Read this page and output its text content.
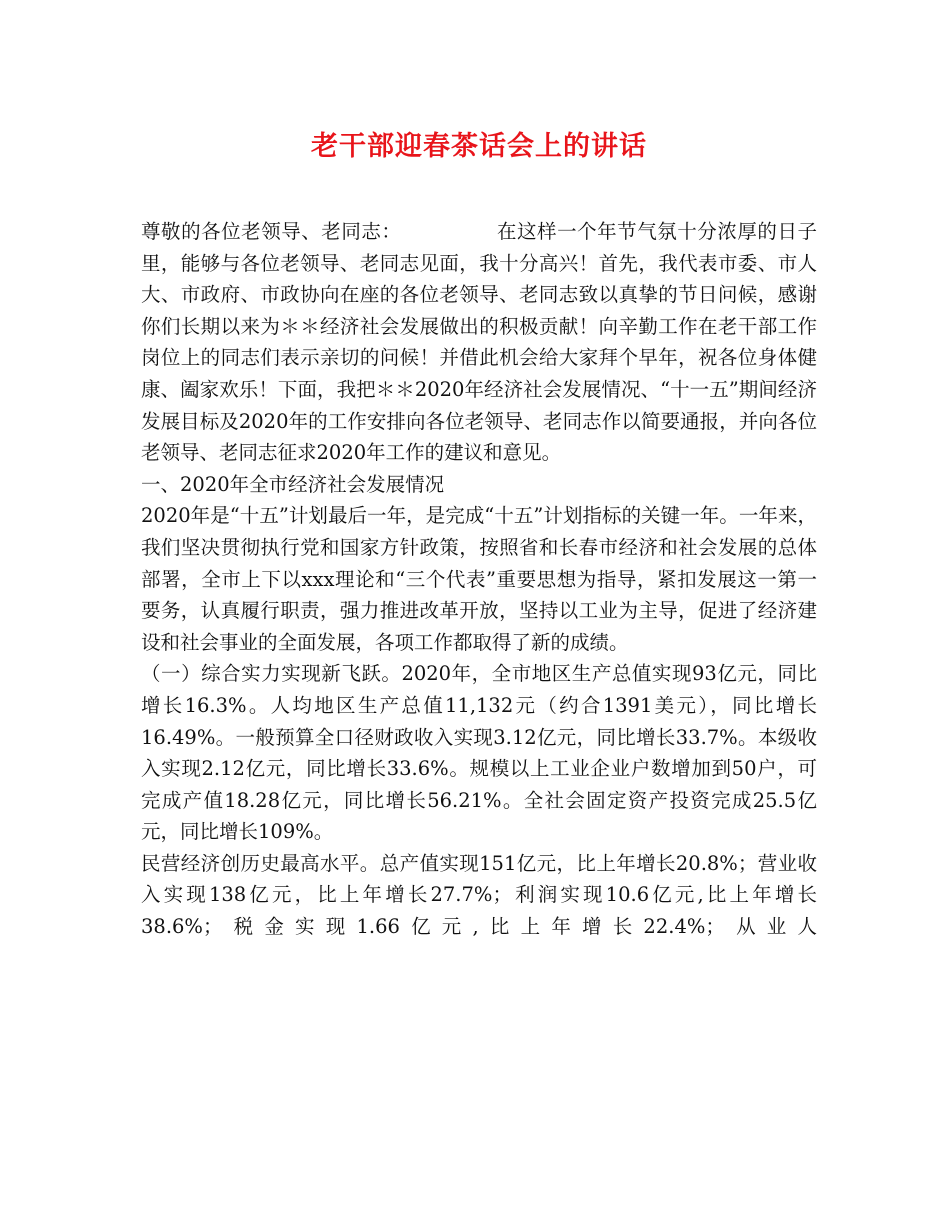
老干部迎春茶话会上的讲话

尊敬的各位老领导、老同志：	在这样一个年节气氛十分浓厚的日子里，能够与各位老领导、老同志见面，我十分高兴！首先，我代表市委、市人大、市政府、市政协向在座的各位老领导、老同志致以真挚的节日问候，感谢你们长期以来为＊＊经济社会发展做出的积极贡献！向辛勤工作在老干部工作岗位上的同志们表示亲切的问候！并借此机会给大家拜个早年，祝各位身体健康、阖家欢乐！下面，我把＊＊2020年经济社会发展情况、“十一五”期间经济发展目标及2020年的工作安排向各位老领导、老同志作以简要通报，并向各位老领导、老同志征求2020年工作的建议和意见。

一、2020年全市经济社会发展情况

2020年是“十五”计划最后一年，是完成“十五”计划指标的关键一年。一年来，我们坚决贯彻执行党和国家方针政策，按照省和长春市经济和社会发展的总体部署，全市上下以xxx理论和“三个代表”重要思想为指导，紧扣发展这一第一要务，认真履行职责，强力推进改革开放，坚持以工业为主导，促进了经济建设和社会事业的全面发展，各项工作都取得了新的成绩。

（一）综合实力实现新飞跃。2020年，全市地区生产总值实现93亿元，同比增长16.3%。人均地区生产总值11,132元（约合1391美元），同比增长16.49%。一般预算全口径财政收入实现3.12亿元，同比增长33.7%。本级收入实现2.12亿元，同比增长33.6%。规模以上工业企业户数增加到50户，可完成产值18.28亿元，同比增长56.21%。全社会固定资产投资完成25.5亿元，同比增长109%。

民营经济创历史最高水平。总产值实现151亿元，比上年增长20.8%；营业收入实现138亿元，比上年增长27.7%；利润实现10.6亿元,比上年增长38.6%；税金实现1.66亿元,比上年增长22.4%；从业人
